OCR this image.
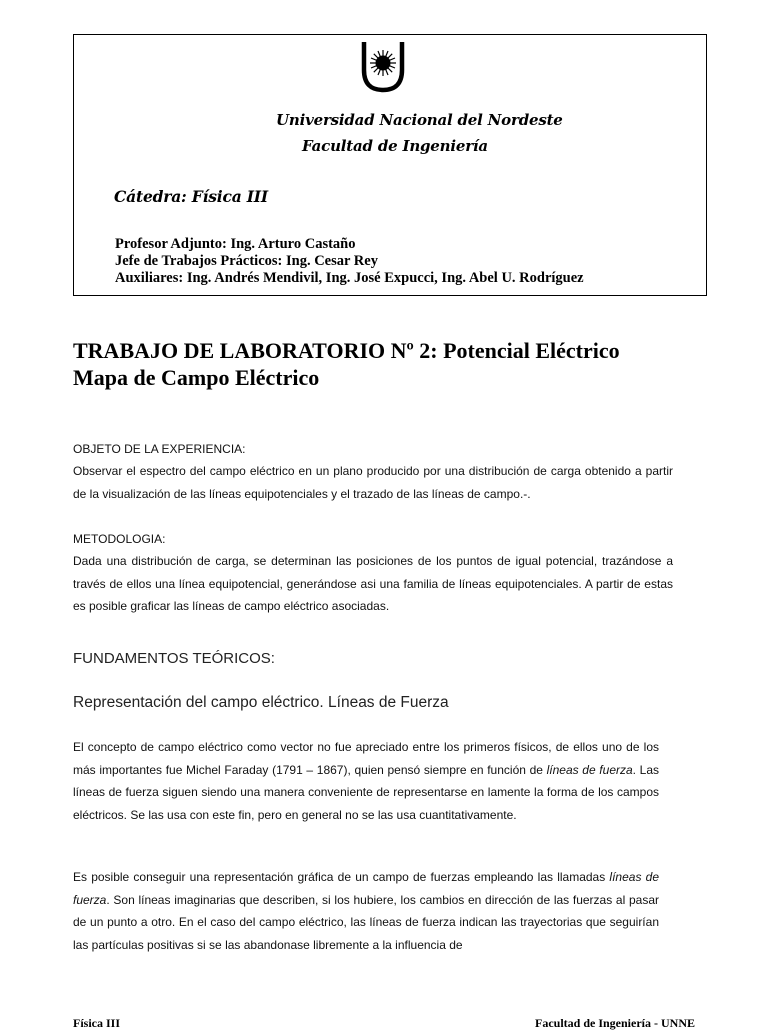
Universidad Nacional del Nordeste
Facultad de Ingeniería
Cátedra: Física III
Profesor Adjunto: Ing. Arturo Castaño
Jefe de Trabajos Prácticos: Ing. Cesar Rey
Auxiliares: Ing. Andrés Mendivil, Ing. José Expucci, Ing. Abel U. Rodríguez
TRABAJO DE LABORATORIO Nº 2: Potencial Eléctrico
Mapa de Campo Eléctrico
OBJETO DE LA EXPERIENCIA:

Observar el espectro del campo eléctrico en un plano producido por una distribución de carga obtenido a partir de la visualización de las líneas equipotenciales y el trazado de las líneas de campo.-.

METODOLOGIA:

Dada una distribución de carga, se determinan las posiciones de los puntos de igual potencial, trazándose a través de ellos una línea equipotencial, generándose asi una familia de líneas equipotenciales. A partir de estas es posible graficar las líneas de campo eléctrico asociadas.

FUNDAMENTOS TEÓRICOS:
Representación del campo eléctrico. Líneas de Fuerza

El concepto de campo eléctrico como vector no fue apreciado entre los primeros físicos, de ellos uno de los más importantes fue Michel Faraday (1791 – 1867), quien pensó siempre en función de líneas de fuerza. Las líneas de fuerza siguen siendo una manera conveniente de representarse en lamente la forma de los campos eléctricos. Se las usa con este fin, pero en general no se las usa cuantitativamente.

Es posible conseguir una representación gráfica de un campo de fuerzas empleando las llamadas líneas de fuerza. Son líneas imaginarias que describen, si los hubiere, los cambios en dirección de las fuerzas al pasar de un punto a otro. En el caso del campo eléctrico, las líneas de fuerza indican las trayectorias que seguirían las partículas positivas si se las abandonase libremente a la influencia de

Física III	Facultad de Ingeniería - UNNE
